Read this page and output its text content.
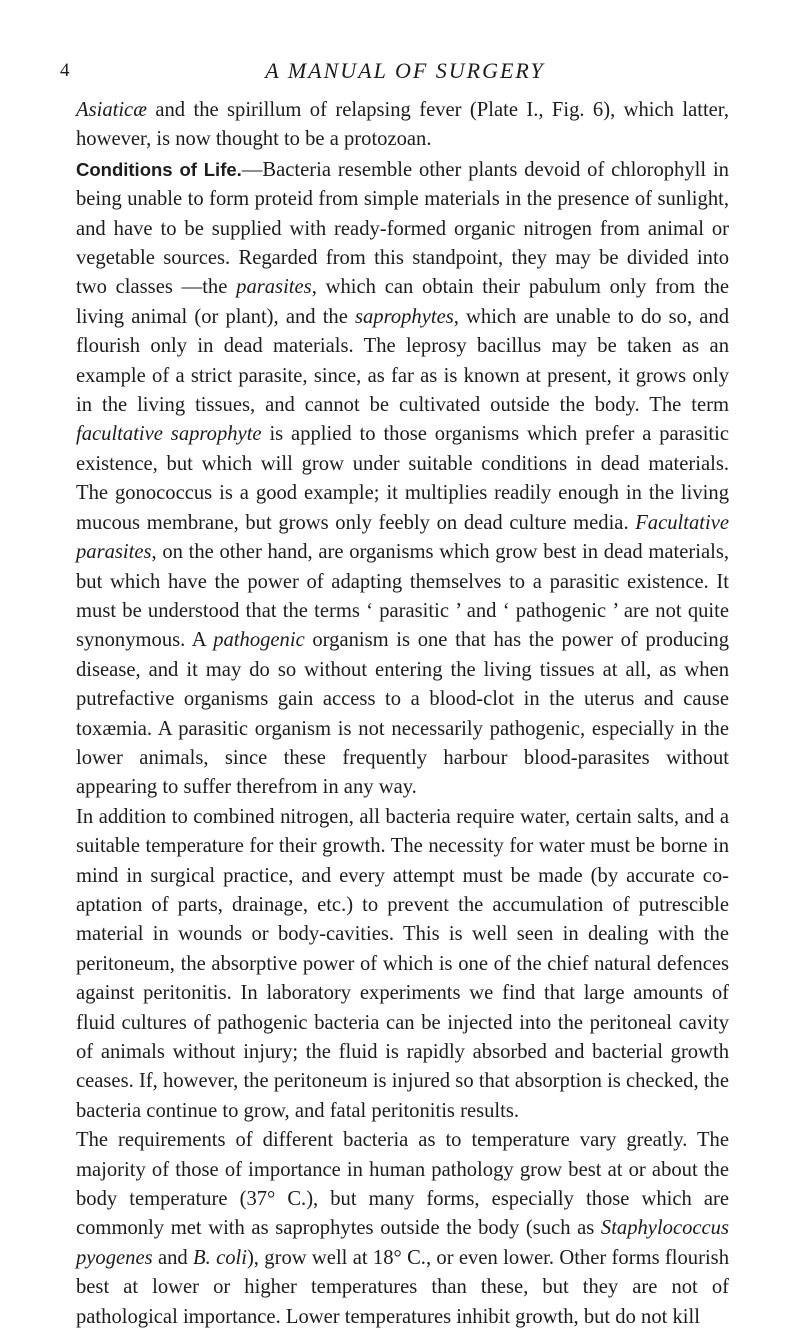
4	A MANUAL OF SURGERY

Asiaticæ and the spirillum of relapsing fever (Plate I., Fig. 6), which latter, however, is now thought to be a protozoan.

Conditions of Life.—Bacteria resemble other plants devoid of chlorophyll in being unable to form proteid from simple materials in the presence of sunlight, and have to be supplied with ready-formed organic nitrogen from animal or vegetable sources. Regarded from this standpoint, they may be divided into two classes —the parasites, which can obtain their pabulum only from the living animal (or plant), and the saprophytes, which are unable to do so, and flourish only in dead materials. The leprosy bacillus may be taken as an example of a strict parasite, since, as far as is known at present, it grows only in the living tissues, and cannot be cultivated outside the body. The term facultative saprophyte is applied to those organisms which prefer a parasitic existence, but which will grow under suitable conditions in dead materials. The gonococcus is a good example; it multiplies readily enough in the living mucous membrane, but grows only feebly on dead culture media. Facultative parasites, on the other hand, are organisms which grow best in dead materials, but which have the power of adapting themselves to a parasitic existence. It must be understood that the terms ‘ parasitic ’ and ‘ pathogenic ’ are not quite synonymous. A pathogenic organism is one that has the power of producing disease, and it may do so without entering the living tissues at all, as when putrefactive organisms gain access to a blood-clot in the uterus and cause toxæmia. A parasitic organism is not necessarily pathogenic, especially in the lower animals, since these frequently harbour blood-parasites without appearing to suffer therefrom in any way.

In addition to combined nitrogen, all bacteria require water, certain salts, and a suitable temperature for their growth. The necessity for water must be borne in mind in surgical practice, and every attempt must be made (by accurate co-aptation of parts, drainage, etc.) to prevent the accumulation of putrescible material in wounds or body-cavities. This is well seen in dealing with the peritoneum, the absorptive power of which is one of the chief natural defences against peritonitis. In laboratory experiments we find that large amounts of fluid cultures of pathogenic bacteria can be injected into the peritoneal cavity of animals without injury; the fluid is rapidly absorbed and bacterial growth ceases. If, however, the peritoneum is injured so that absorption is checked, the bacteria continue to grow, and fatal peritonitis results.

The requirements of different bacteria as to temperature vary greatly. The majority of those of importance in human pathology grow best at or about the body temperature (37° C.), but many forms, especially those which are commonly met with as saprophytes outside the body (such as Staphylococcus pyogenes and B. coli), grow well at 18° C., or even lower. Other forms flourish best at lower or higher temperatures than these, but they are not of pathological importance. Lower temperatures inhibit growth, but do not kill
